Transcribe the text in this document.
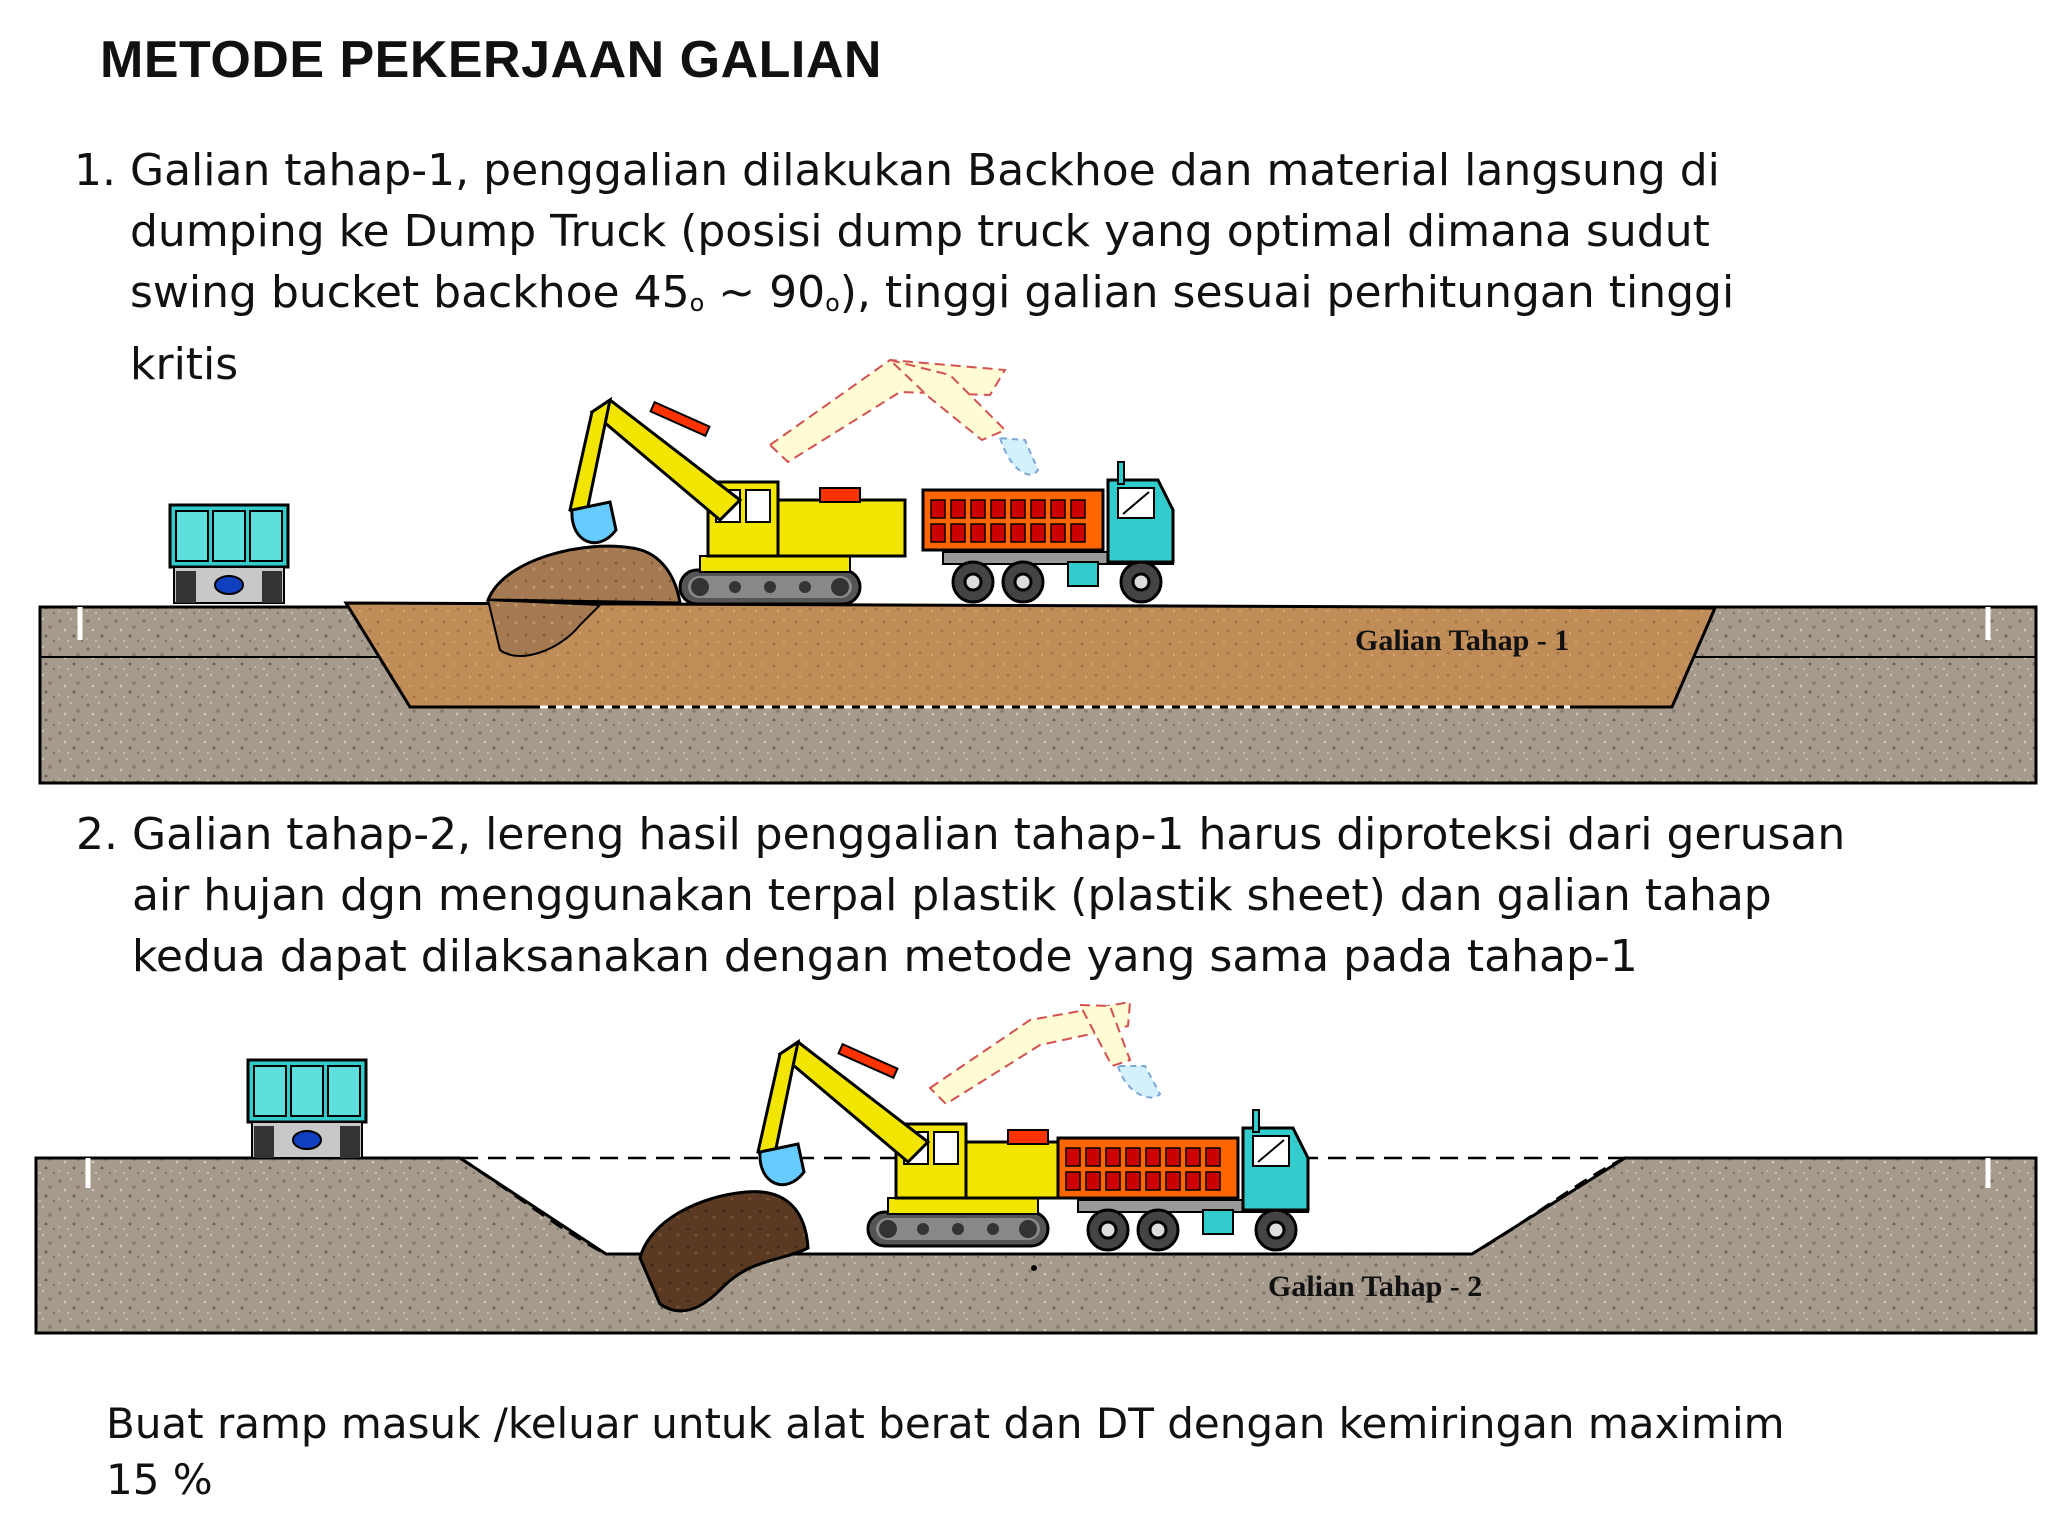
METODE PEKERJAAN GALIAN

1. Galian tahap-1, penggalian dilakukan Backhoe dan material langsung di
dumping ke Dump Truck (posisi dump truck yang optimal dimana sudut
swing bucket backhoe 45$^o$ ~ 90$^o$), tinggi galian sesuai perhitungan tinggi
kritis

2. Galian tahap-2, lereng hasil penggalian tahap-1 harus diproteksi dari gerusan
air hujan dgn menggunakan terpal plastik (plastik sheet) dan galian tahap
kedua dapat dilaksanakan dengan metode yang sama pada tahap-1

Buat ramp masuk /keluar untuk alat berat dan DT dengan kemiringan maximim
15 %

Galian Tahap - 1
Galian Tahap - 2
